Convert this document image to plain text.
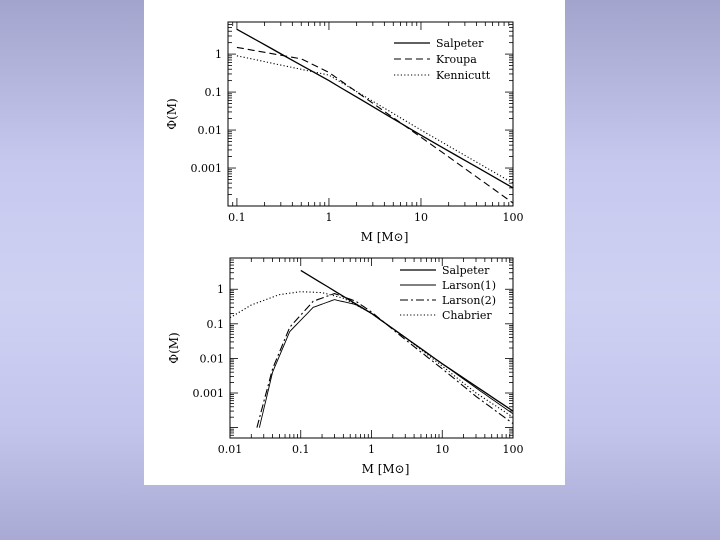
0.1	1	10	100
1
0.1
0.01
0.001
M [M⊙]
Φ(M)
Salpeter
Kroupa
Kennicutt
0.01	0.1	1	10	100
1
0.1
0.01
0.001
M [M⊙]
Φ(M)
Salpeter
Larson(1)
Larson(2)
Chabrier
